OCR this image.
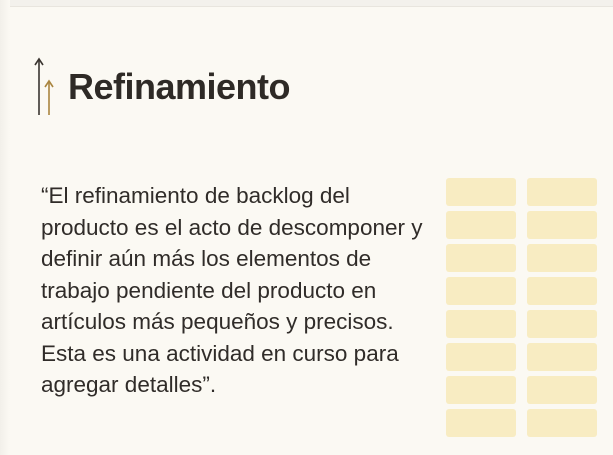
Refinamiento

“El refinamiento de backlog del producto es el acto de descomponer y definir aún más los elementos de trabajo pendiente del producto en artículos más pequeños y precisos. Esta es una actividad en curso para agregar detalles”.
